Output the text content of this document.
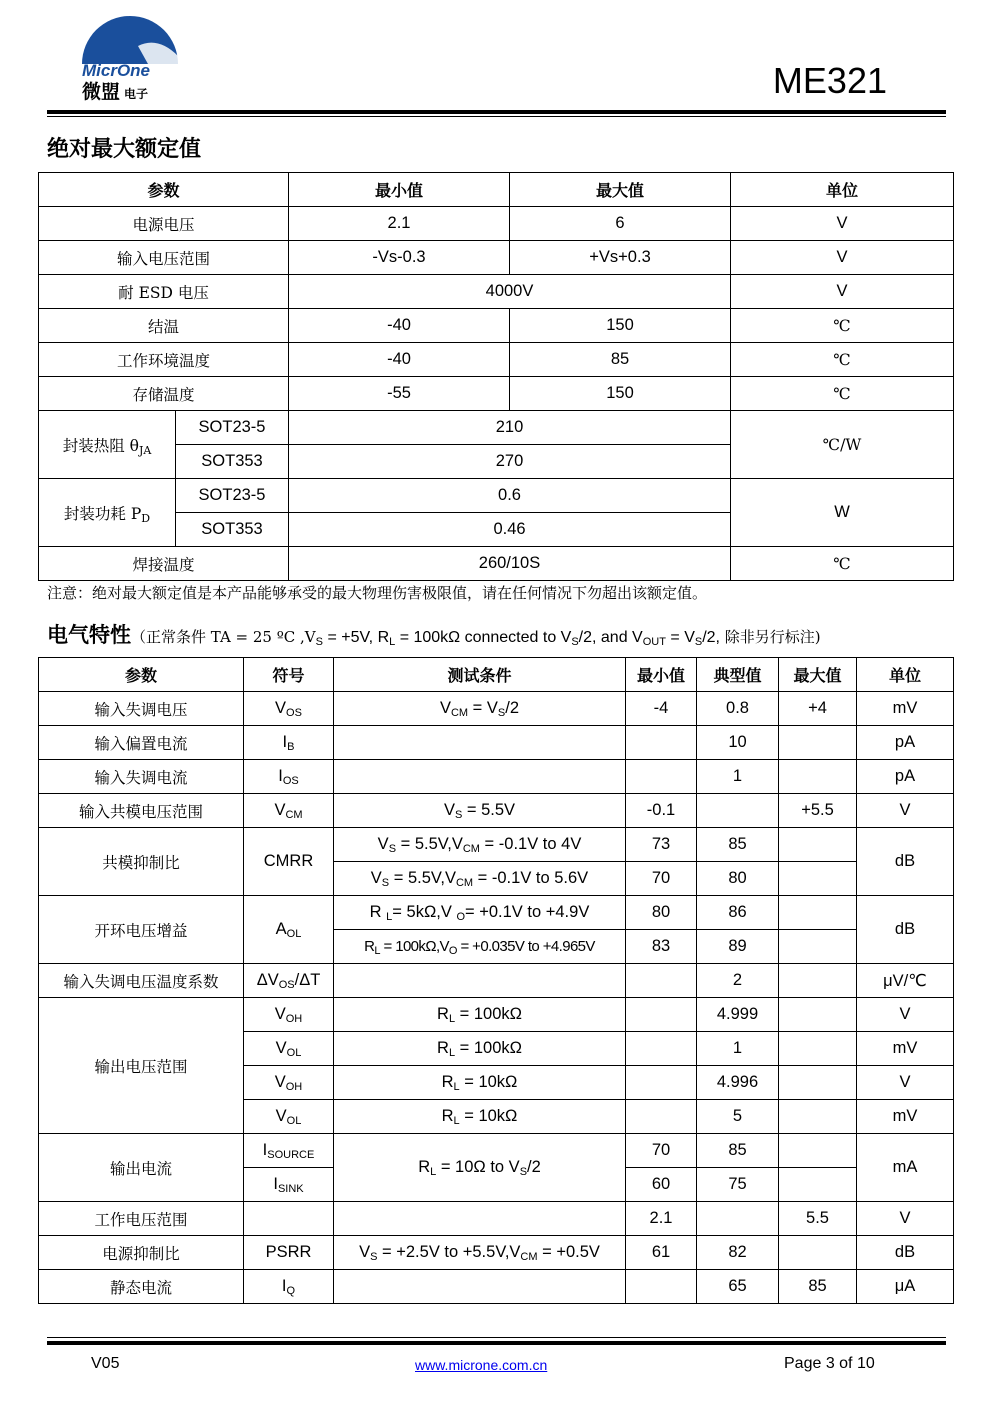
MicrOne
微盟 电子	ME321
绝对最大额定值
参数		最小值	最大值	单位
电源电压		2.1	6	V
输入电压范围		-Vs-0.3	+Vs+0.3	V
耐 ESD 电压		4000V		V
结温		-40	150	℃
工作环境温度		-40	85	℃
存储温度		-55	150	℃
封装热阻 $\theta_{JA}$	SOT23-5	210		℃/W
	SOT353	270		
封装功耗 $P_D$	SOT23-5	0.6		W
	SOT353	0.46		
焊接温度		260/10S		℃
注意：绝对最大额定值是本产品能够承受的最大物理伤害极限值，请在任何情况下勿超出该额定值。
电气特性（正常条件 TA = 25 ºC $,V_S = +5V$, $R_L = 100k\Omega$ connected to $V_S/2$, and $V_{OUT} = V_S/2$, 除非另行标注)
参数	符号	测试条件	最小值	典型值	最大值	单位
输入失调电压	$V_{OS}$	$V_{CM} = V_S/2$	-4	0.8	+4	mV
输入偏置电流	$I_B$			10		pA
输入失调电流	$I_{OS}$			1		pA
输入共模电压范围	$V_{CM}$	$V_S = 5.5V$	-0.1		+5.5	V
共模抑制比	CMRR	$V_S = 5.5V,V_{CM} = -0.1V$ to 4V	73	85		dB
		$V_S = 5.5V,V_{CM} = -0.1V$ to 5.6V	70	80		
开环电压增益	$A_{OL}$	R $_L$= 5kΩ,V $_O$= +0.1V to +4.9V	80	86		dB
		$R_L = 100k\Omega,V_O = +0.035V$ to +4.965V	83	89		
输入失调电压温度系数	$\Delta V_{OS}/\Delta T$			2		μV/℃
输出电压范围	$V_{OH}$	$R_L = 100k\Omega$		4.999		V
	$V_{OL}$	$R_L = 100k\Omega$		1		mV
	$V_{OH}$	$R_L = 10k\Omega$		4.996		V
	$V_{OL}$	$R_L = 10k\Omega$		5		mV
输出电流	$I_{SOURCE}$	$R_L = 10\Omega$ to $V_S/2$	70	85		mA
	$I_{SINK}$		60	75		
工作电压范围			2.1		5.5	V
电源抑制比	PSRR	$V_S = +2.5V$ to $+5.5V,V_{CM} = +0.5V$	61	82		dB
静态电流	$I_Q$			65	85	μA
V05	www.microne.com.cn	Page 3 of 10
